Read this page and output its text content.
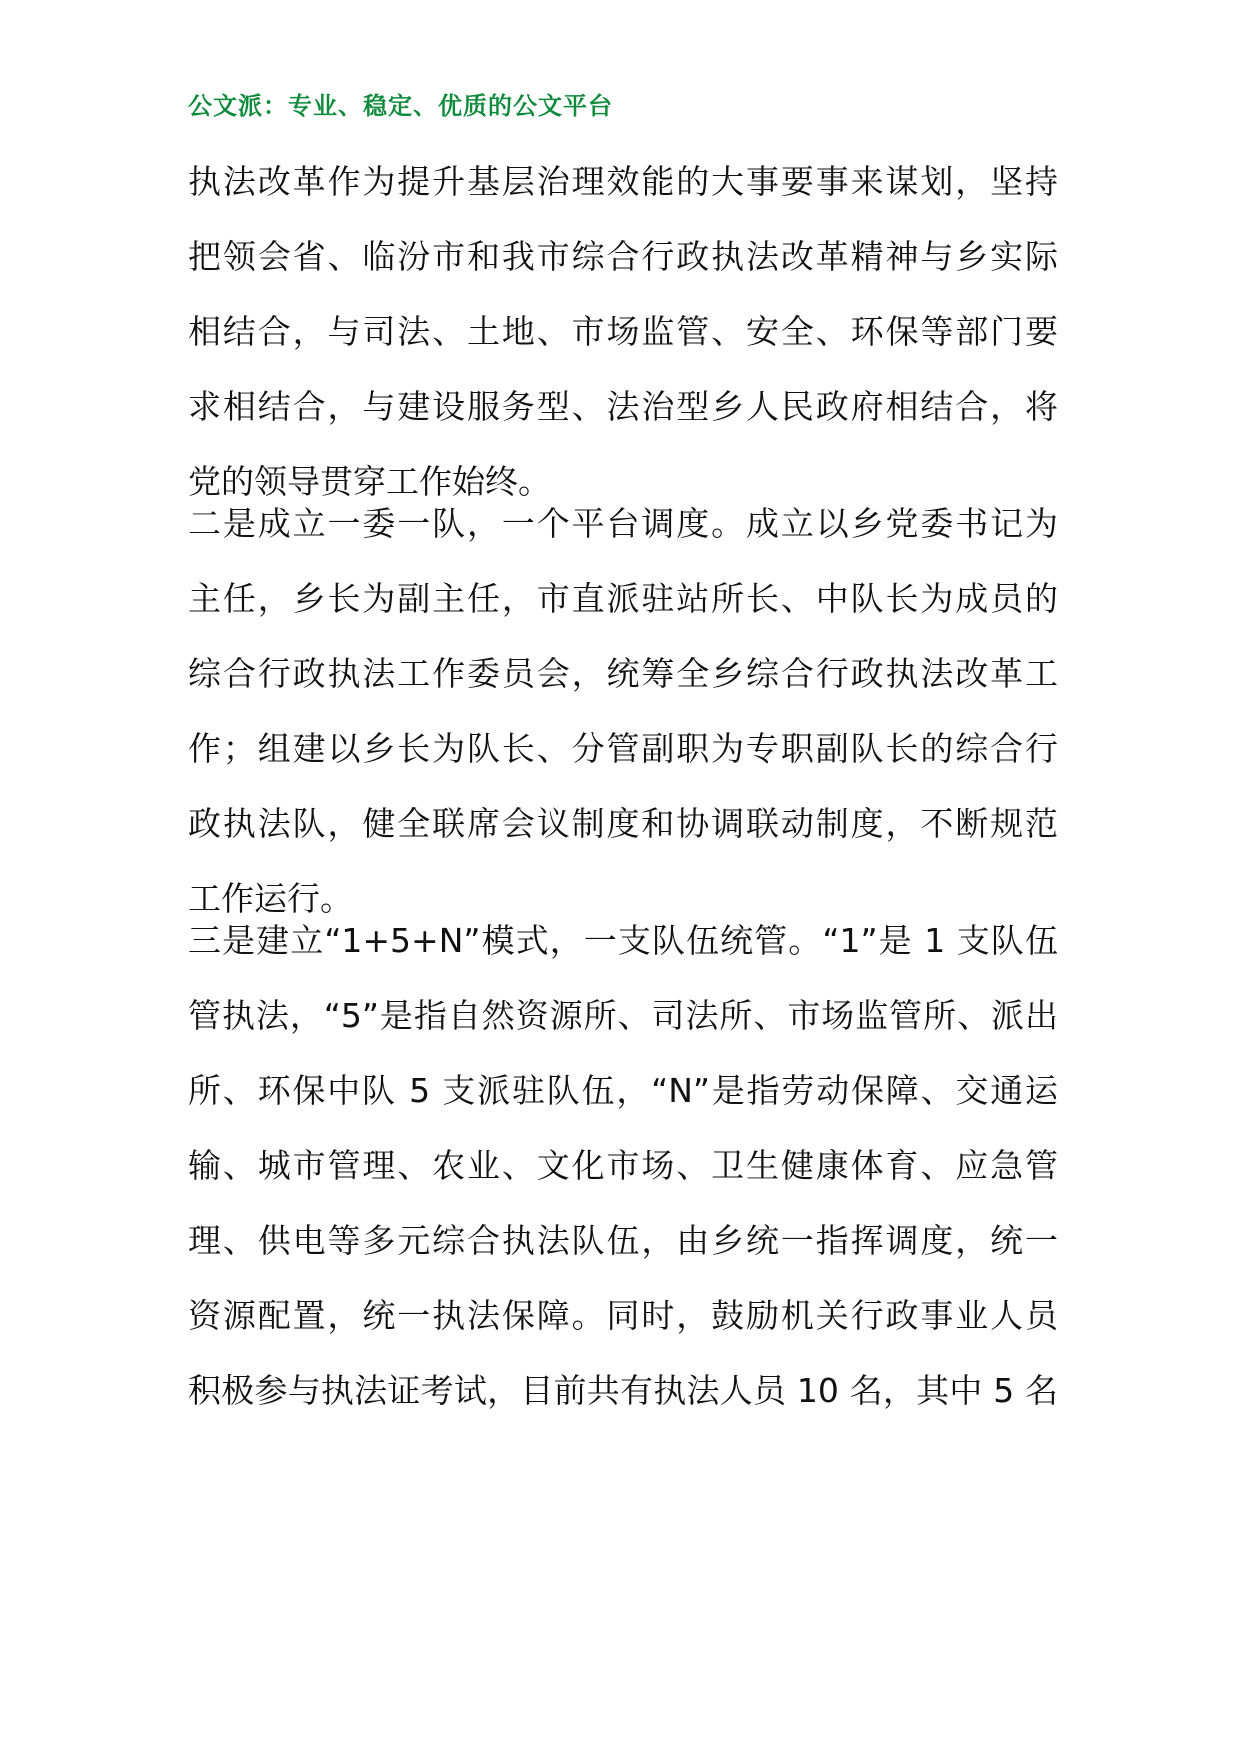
公文派：专业、稳定、优质的公文平台
执法改革作为提升基层治理效能的大事要事来谋划，坚持
把领会省、临汾市和我市综合行政执法改革精神与乡实际
相结合，与司法、土地、市场监管、安全、环保等部门要
求相结合，与建设服务型、法治型乡人民政府相结合，将
党的领导贯穿工作始终。
二是成立一委一队，一个平台调度。成立以乡党委书记为
主任，乡长为副主任，市直派驻站所长、中队长为成员的
综合行政执法工作委员会，统筹全乡综合行政执法改革工
作；组建以乡长为队长、分管副职为专职副队长的综合行
政执法队，健全联席会议制度和协调联动制度，不断规范
工作运行。
三是建立“1+5+N”模式，一支队伍统管。“1”是 1 支队伍
管执法，“5”是指自然资源所、司法所、市场监管所、派出
所、环保中队 5 支派驻队伍，“N”是指劳动保障、交通运
输、城市管理、农业、文化市场、卫生健康体育、应急管
理、供电等多元综合执法队伍，由乡统一指挥调度，统一
资源配置，统一执法保障。同时，鼓励机关行政事业人员
积极参与执法证考试，目前共有执法人员 10 名，其中 5 名
